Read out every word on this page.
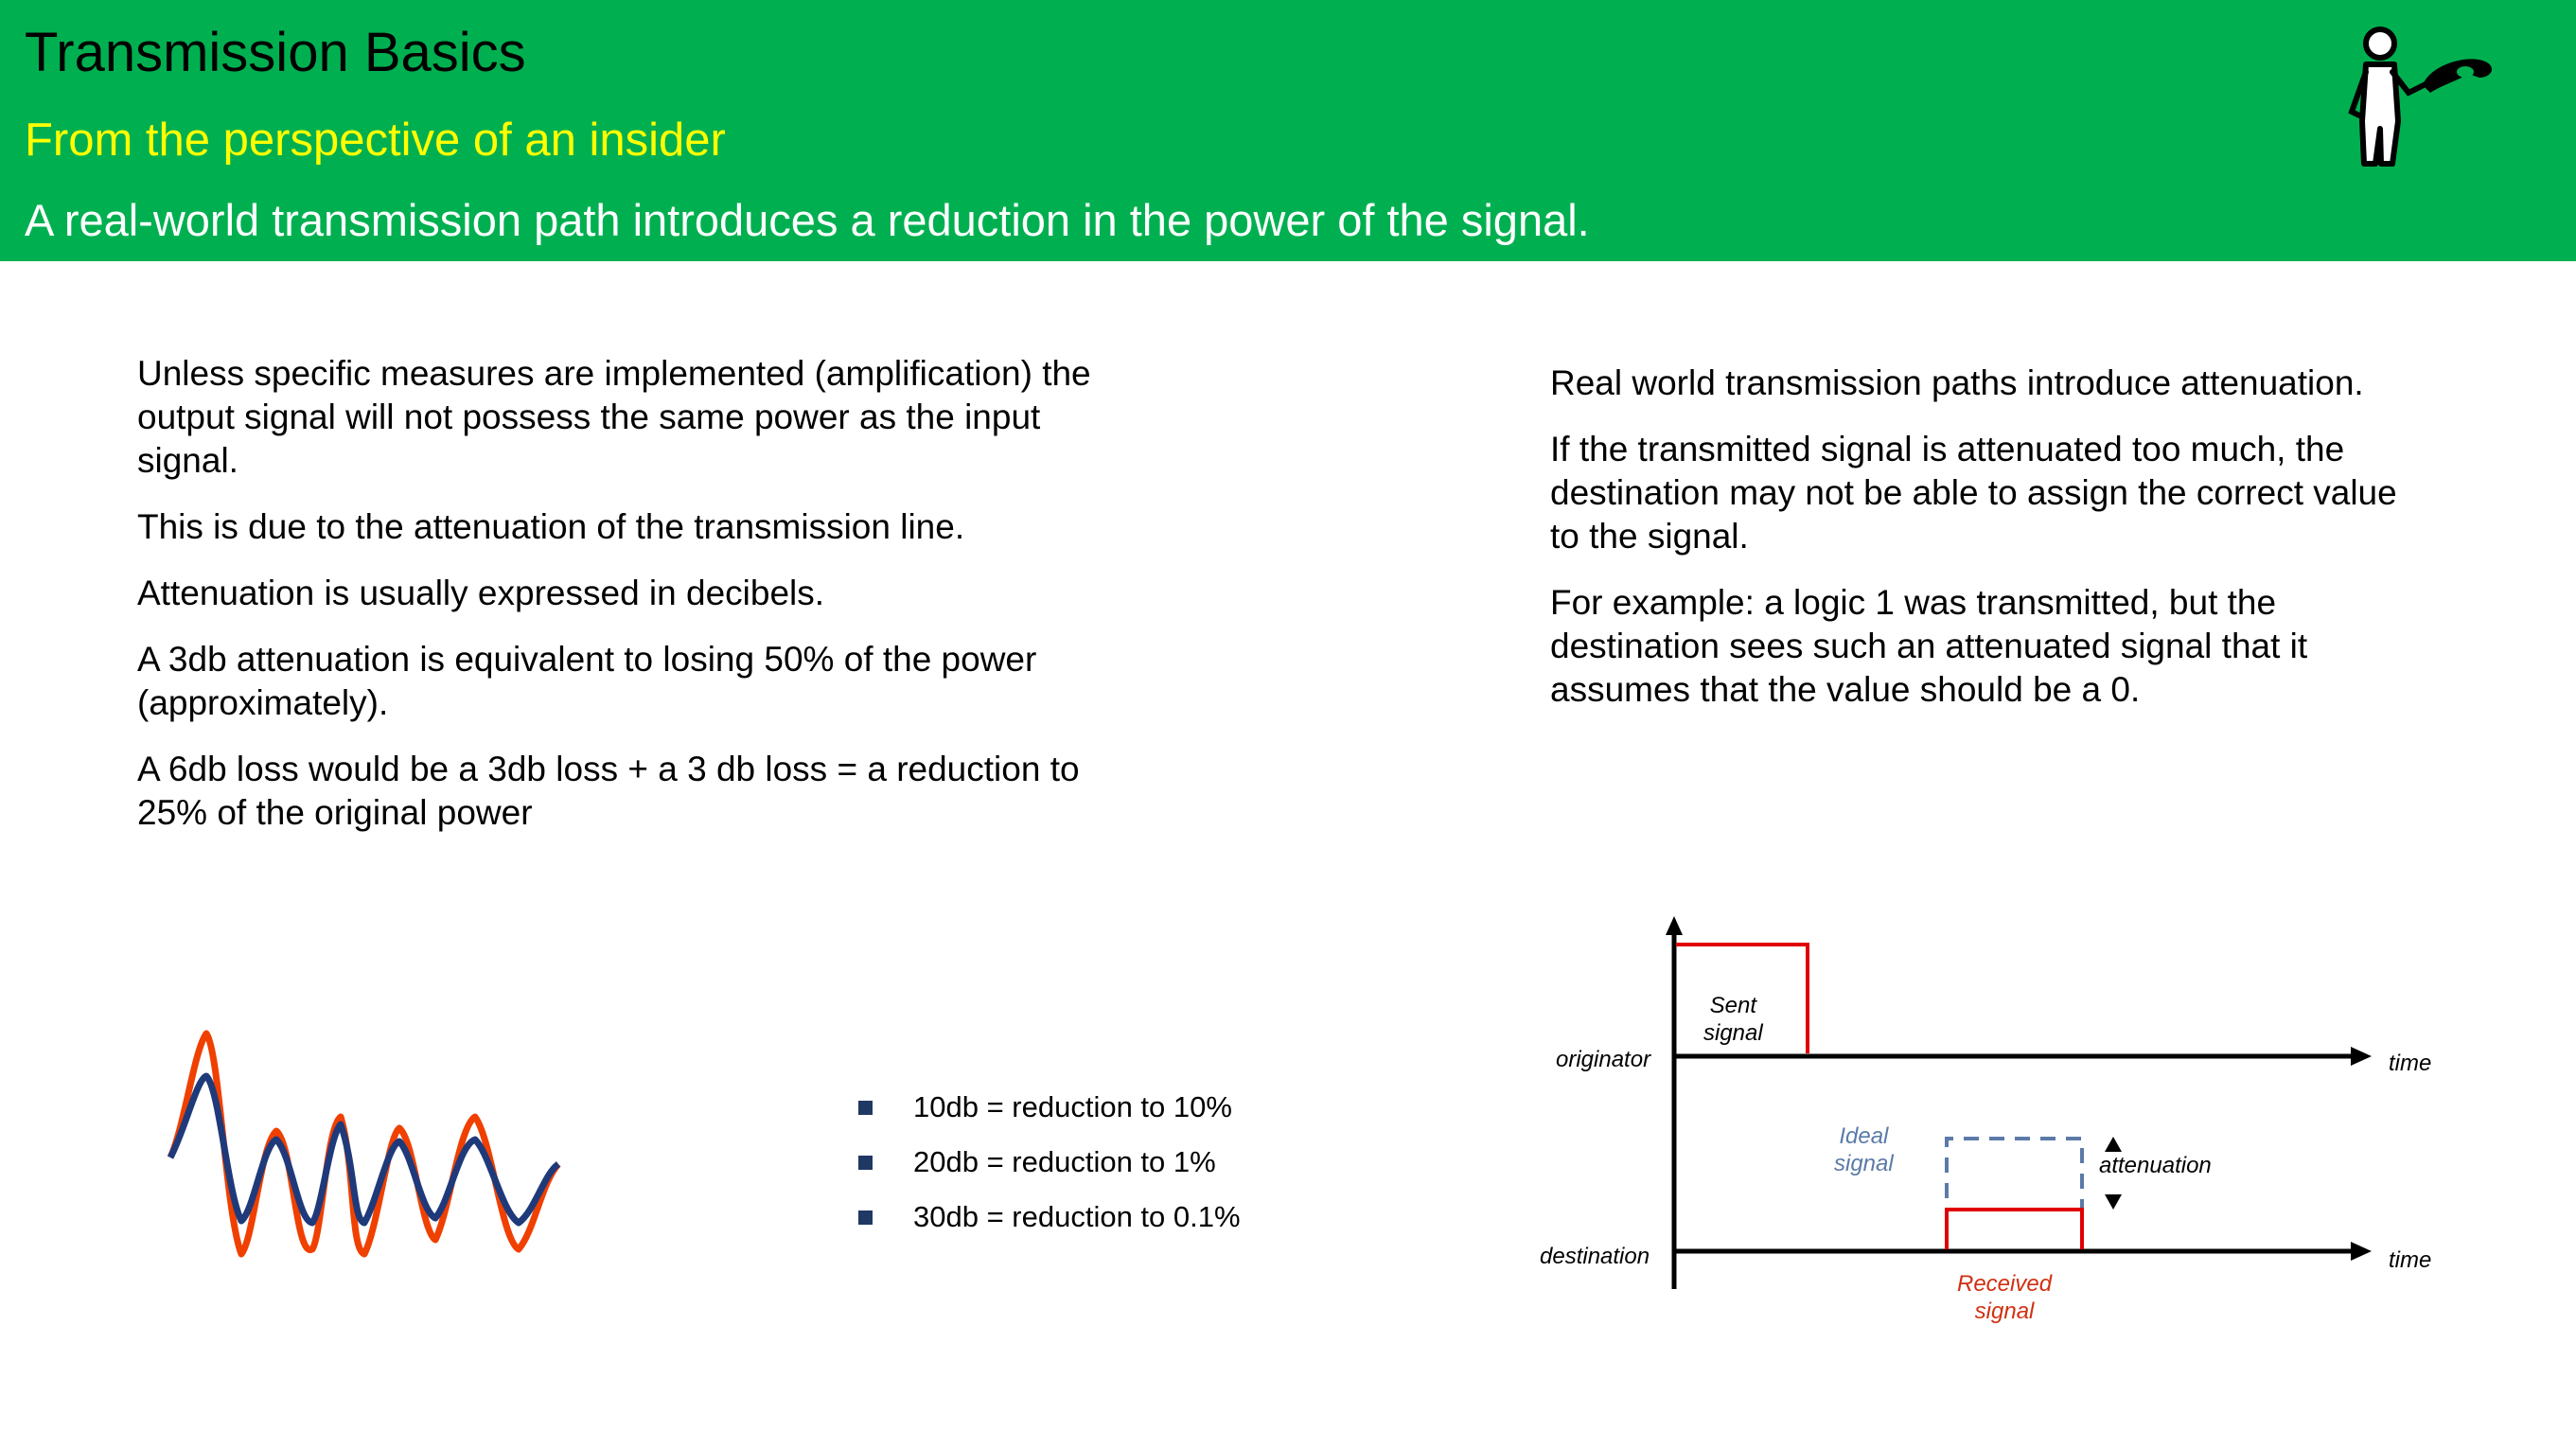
Transmission Basics
From the perspective of an insider
A real-world transmission path introduces a reduction in the power of the signal.

Unless specific measures are implemented (amplification) the output signal will not possess the same power as the input signal.

This is due to the attenuation of the transmission line.

Attenuation is usually expressed in decibels.

A 3db attenuation is equivalent to losing 50% of the power (approximately).

A 6db loss would be a 3db loss + a 3 db loss = a reduction to 25% of the original power

Real world transmission paths introduce attenuation.

If the transmitted signal is attenuated too much, the destination may not be able to assign the correct value to the signal.

For example: a logic 1 was transmitted, but the destination sees such an attenuated signal that it assumes that the value should be a 0.

10db = reduction to 10%
20db = reduction to 1%
30db = reduction to 0.1%
Sent
signal
originator	time
Ideal
signal	attenuation
destination	time
Received
signal
